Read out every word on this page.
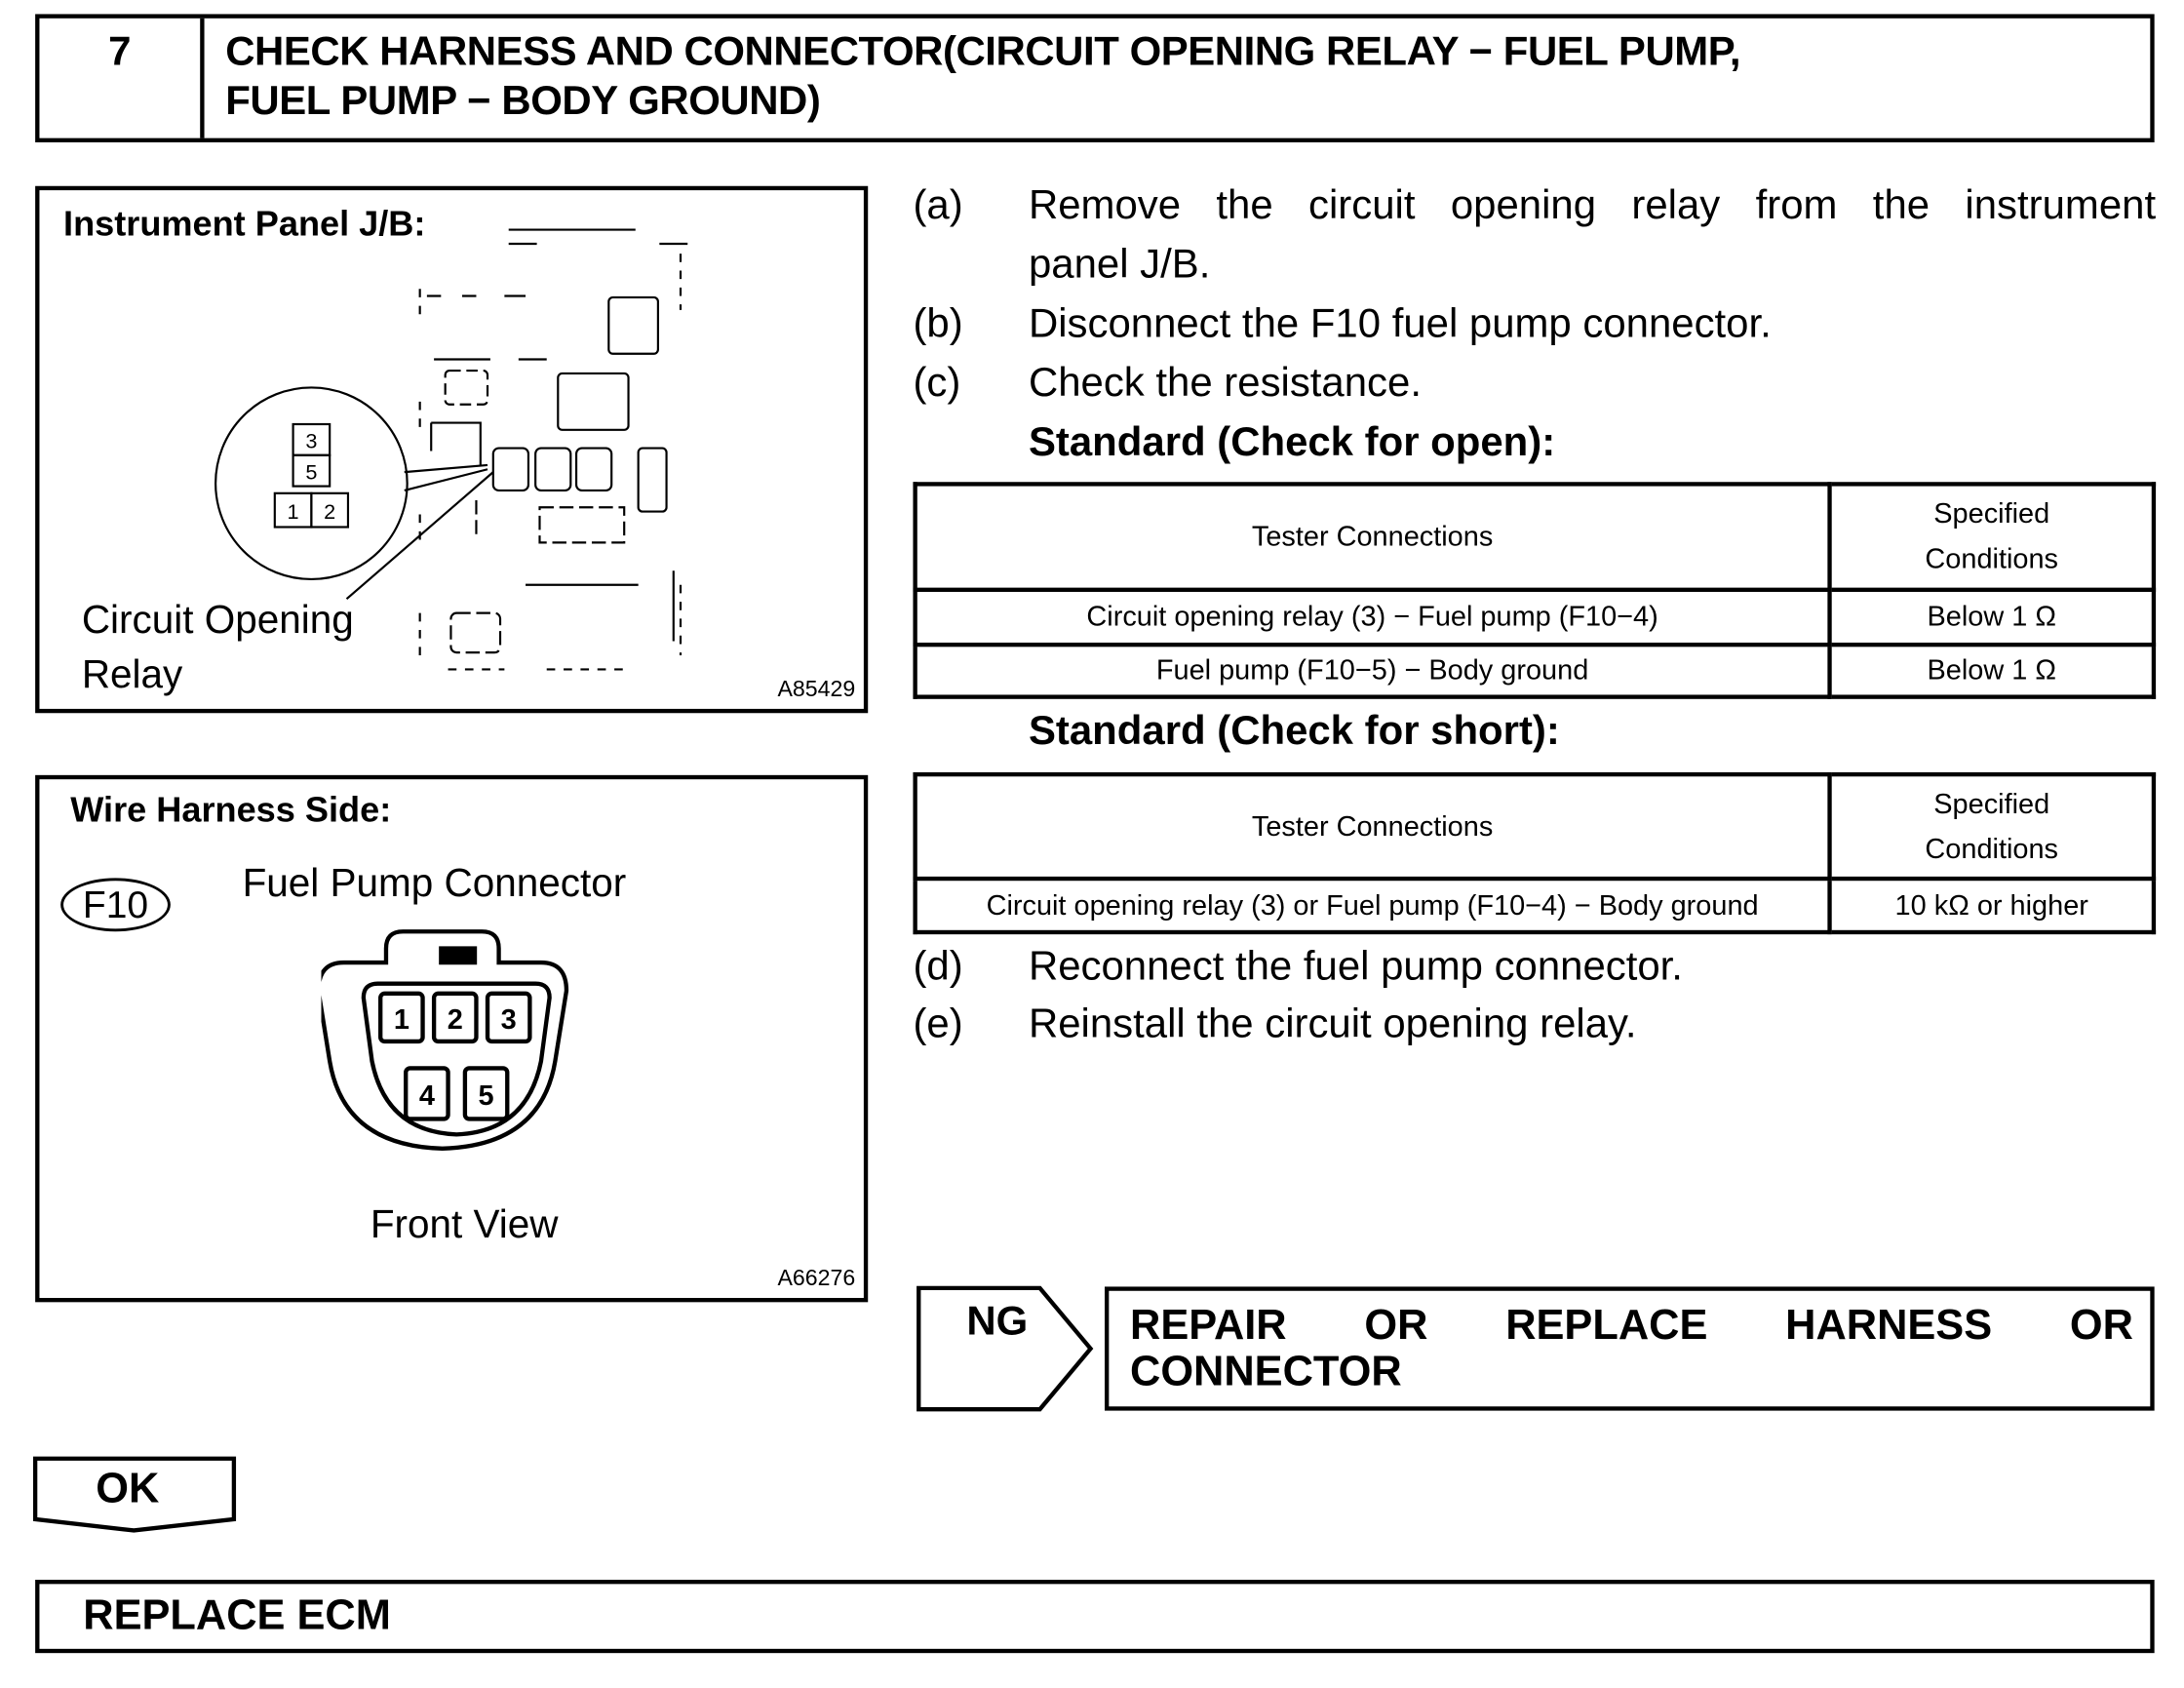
7	CHECK HARNESS AND CONNECTOR(CIRCUIT OPENING RELAY − FUEL PUMP,
FUEL PUMP − BODY GROUND)
Instrument Panel J/B:
3
5
1 2
Circuit Opening
Relay	A85429
Wire Harness Side:
F10
Fuel Pump Connector
1 2 3
4 5
Front View
A66276
(a) Remove the circuit opening relay from the instrument
panel J/B.
(b) Disconnect the F10 fuel pump connector.
(c) Check the resistance.
Standard (Check for open):
Tester Connections	Specified
Conditions

Circuit opening relay (3) − Fuel pump (F10−4)	Below 1 Ω
Fuel pump (F10−5) − Body ground	Below 1 Ω
Standard (Check for short):
Tester Connections	Specified
Conditions

Circuit opening relay (3) or Fuel pump (F10−4) − Body ground	10 kΩ or higher
(d) Reconnect the fuel pump connector.
(e) Reinstall the circuit opening relay.
NG	REPAIR OR REPLACE HARNESS OR
CONNECTOR
OK
REPLACE ECM
